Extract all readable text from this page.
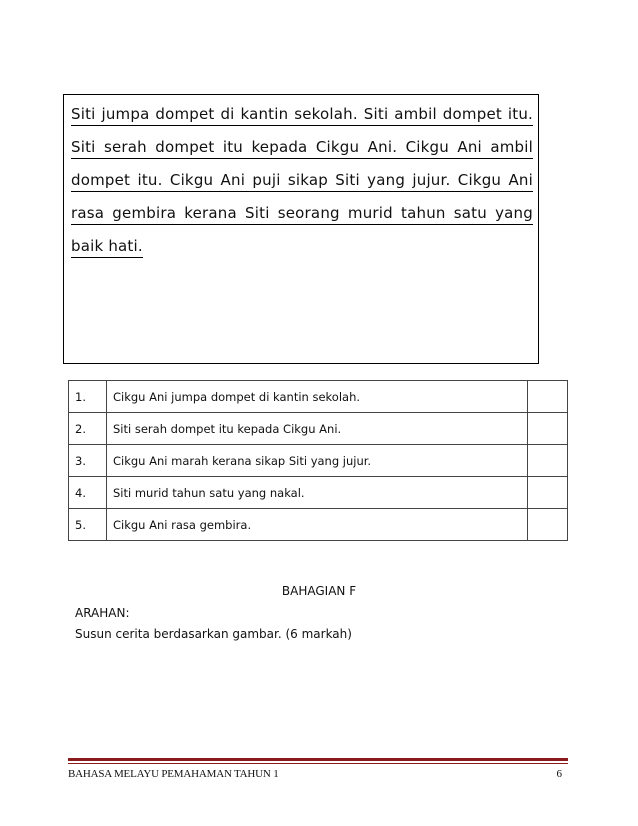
Siti jumpa dompet di kantin sekolah. Siti ambil dompet itu.
Siti serah dompet itu kepada Cikgu Ani. Cikgu Ani ambil
dompet itu. Cikgu Ani puji sikap Siti yang jujur. Cikgu Ani
rasa gembira kerana Siti seorang murid tahun satu yang
baik hati.
1.	Cikgu Ani jumpa dompet di kantin sekolah.	
2.	Siti serah dompet itu kepada Cikgu Ani.	
3.	Cikgu Ani marah kerana sikap Siti yang jujur.	
4.	Siti murid tahun satu yang nakal.	
5.	Cikgu Ani rasa gembira.	
BAHAGIAN F
ARAHAN:
Susun cerita berdasarkan gambar. (6 markah)
BAHASA MELAYU PEMAHAMAN TAHUN 1	6
